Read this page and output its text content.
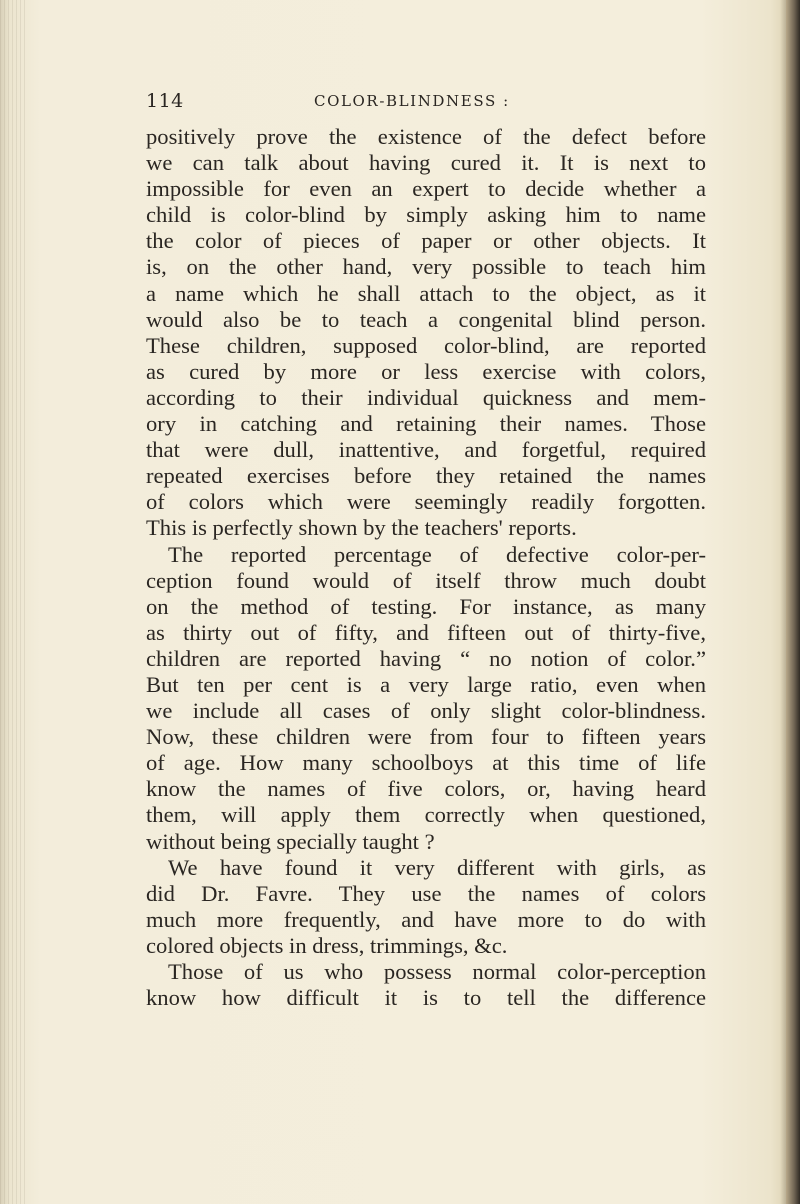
114	COLOR-BLINDNESS :
positively prove the existence of the defect before
we can talk about having cured it. It is next to
impossible for even an expert to decide whether a
child is color-blind by simply asking him to name
the color of pieces of paper or other objects. It
is, on the other hand, very possible to teach him
a name which he shall attach to the object, as it
would also be to teach a congenital blind person.
These children, supposed color-blind, are reported
as cured by more or less exercise with colors,
according to their individual quickness and mem-
ory in catching and retaining their names. Those
that were dull, inattentive, and forgetful, required
repeated exercises before they retained the names
of colors which were seemingly readily forgotten.
This is perfectly shown by the teachers' reports.
The reported percentage of defective color-per-
ception found would of itself throw much doubt
on the method of testing. For instance, as many
as thirty out of fifty, and fifteen out of thirty-five,
children are reported having “ no notion of color.”
But ten per cent is a very large ratio, even when
we include all cases of only slight color-blindness.
Now, these children were from four to fifteen years
of age. How many schoolboys at this time of life
know the names of five colors, or, having heard
them, will apply them correctly when questioned,
without being specially taught ?
We have found it very different with girls, as
did Dr. Favre. They use the names of colors
much more frequently, and have more to do with
colored objects in dress, trimmings, &c.
Those of us who possess normal color-perception
know how difficult it is to tell the difference
